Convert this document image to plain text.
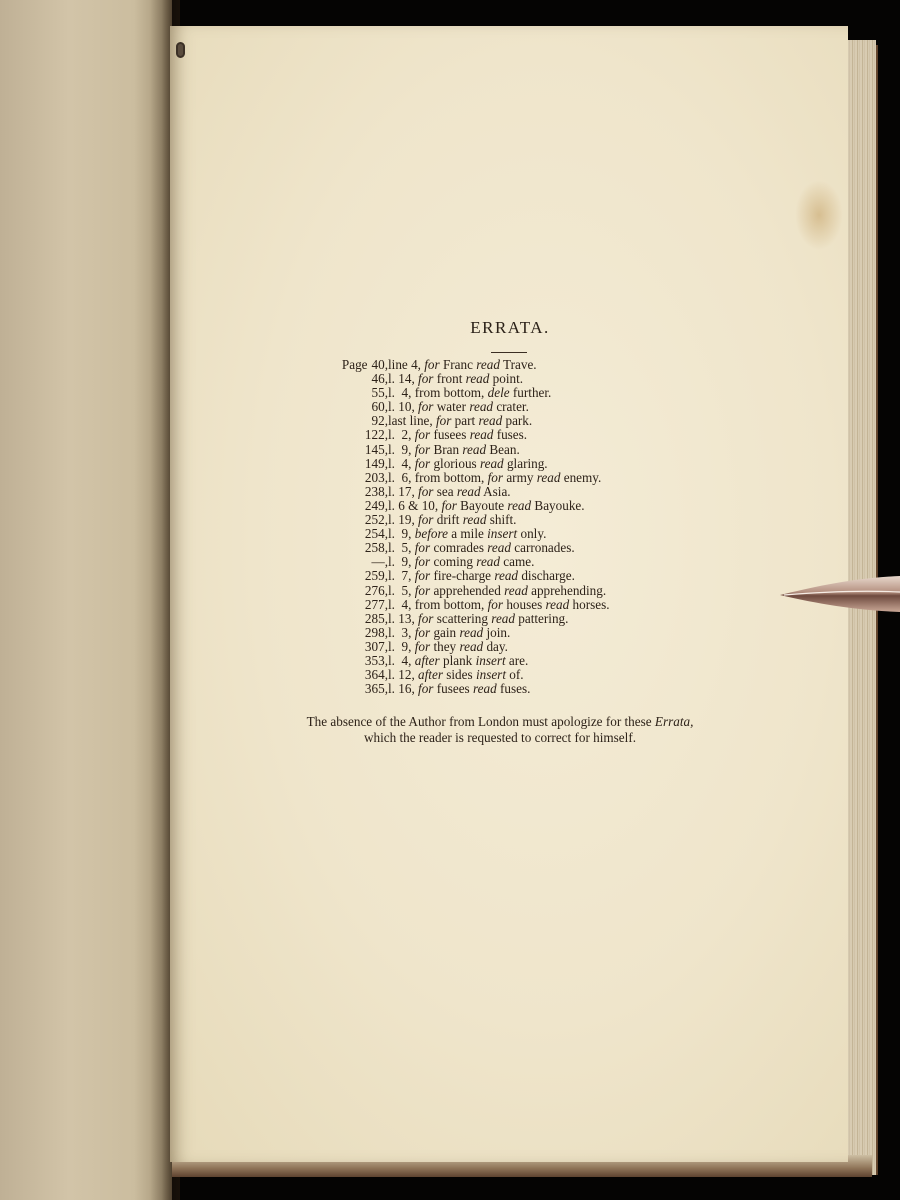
ERRATA.
Page 40, line 4, for Franc read Trave.
46, l. 14, for front read point.
55, l.  4, from bottom, dele further.
60, l. 10, for water read crater.
92, last line, for part read park.
122, l.  2, for fusees read fuses.
145, l.  9, for Bran read Bean.
149, l.  4, for glorious read glaring.
203, l.  6, from bottom, for army read enemy.
238, l. 17, for sea read Asia.
249, l. 6 & 10, for Bayoute read Bayouke.
252, l. 19, for drift read shift.
254, l.  9, before a mile insert only.
258, l.  5, for comrades read carronades.
—, l.  9, for coming read came.
259, l.  7, for fire-charge read discharge.
276, l.  5, for apprehended read apprehending.
277, l.  4, from bottom, for houses read horses.
285, l. 13, for scattering read pattering.
298, l.  3, for gain read join.
307, l.  9, for they read day.
353, l.  4, after plank insert are.
364, l. 12, after sides insert of.
365, l. 16, for fusees read fuses.
The absence of the Author from London must apologize for these Errata,
which the reader is requested to correct for himself.
